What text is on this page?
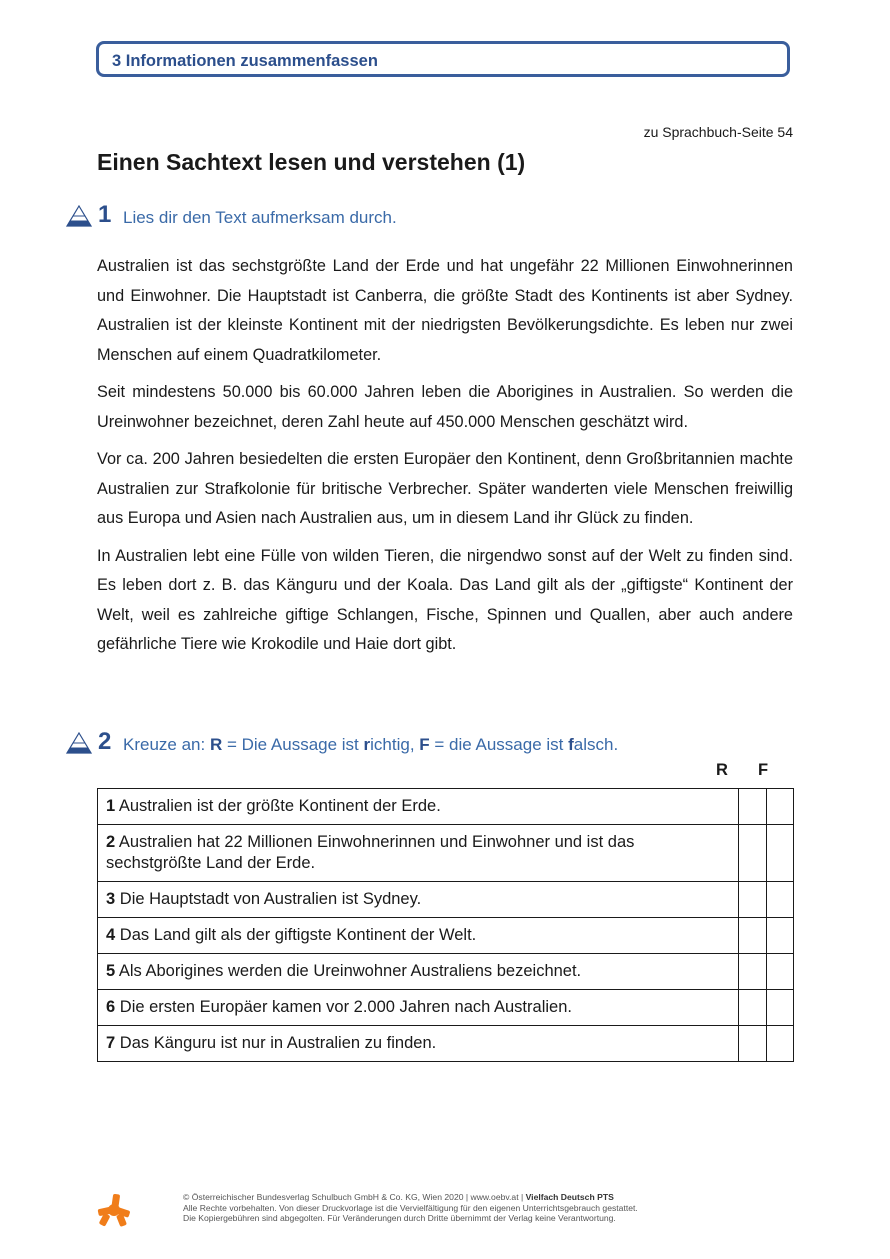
3 Informationen zusammenfassen
zu Sprachbuch-Seite 54
Einen Sachtext lesen und verstehen (1)
1 Lies dir den Text aufmerksam durch.

Australien ist das sechstgrößte Land der Erde und hat ungefähr 22 Millionen Einwohnerinnen und Einwohner. Die Hauptstadt ist Canberra, die größte Stadt des Kontinents ist aber Sydney. Australien ist der kleinste Kontinent mit der niedrigsten Bevölkerungsdichte. Es leben nur zwei Menschen auf einem Quadratkilometer.

Seit mindestens 50.000 bis 60.000 Jahren leben die Aborigines in Australien. So werden die Ureinwohner bezeichnet, deren Zahl heute auf 450.000 Menschen geschätzt wird.

Vor ca. 200 Jahren besiedelten die ersten Europäer den Kontinent, denn Großbritannien machte Australien zur Strafkolonie für britische Verbrecher. Später wanderten viele Menschen freiwillig aus Europa und Asien nach Australien aus, um in diesem Land ihr Glück zu finden.

In Australien lebt eine Fülle von wilden Tieren, die nirgendwo sonst auf der Welt zu finden sind. Es leben dort z. B. das Känguru und der Koala. Das Land gilt als der „giftigste“ Kontinent der Welt, weil es zahlreiche giftige Schlangen, Fische, Spinnen und Quallen, aber auch andere gefährliche Tiere wie Krokodile und Haie dort gibt.

2 Kreuze an: R = Die Aussage ist richtig, F = die Aussage ist falsch.
R F
1 Australien ist der größte Kontinent der Erde.		
2 Australien hat 22 Millionen Einwohnerinnen und Einwohner und ist das sechstgrößte Land der Erde.		
3 Die Hauptstadt von Australien ist Sydney.		
4 Das Land gilt als der giftigste Kontinent der Welt.		
5 Als Aborigines werden die Ureinwohner Australiens bezeichnet.		
6 Die ersten Europäer kamen vor 2.000 Jahren nach Australien.		
7 Das Känguru ist nur in Australien zu finden.		
© Österreichischer Bundesverlag Schulbuch GmbH & Co. KG, Wien 2020 | www.oebv.at | Vielfach Deutsch PTS
Alle Rechte vorbehalten. Von dieser Druckvorlage ist die Vervielfältigung für den eigenen Unterrichtsgebrauch gestattet.
Die Kopiergebühren sind abgegolten. Für Veränderungen durch Dritte übernimmt der Verlag keine Verantwortung.
